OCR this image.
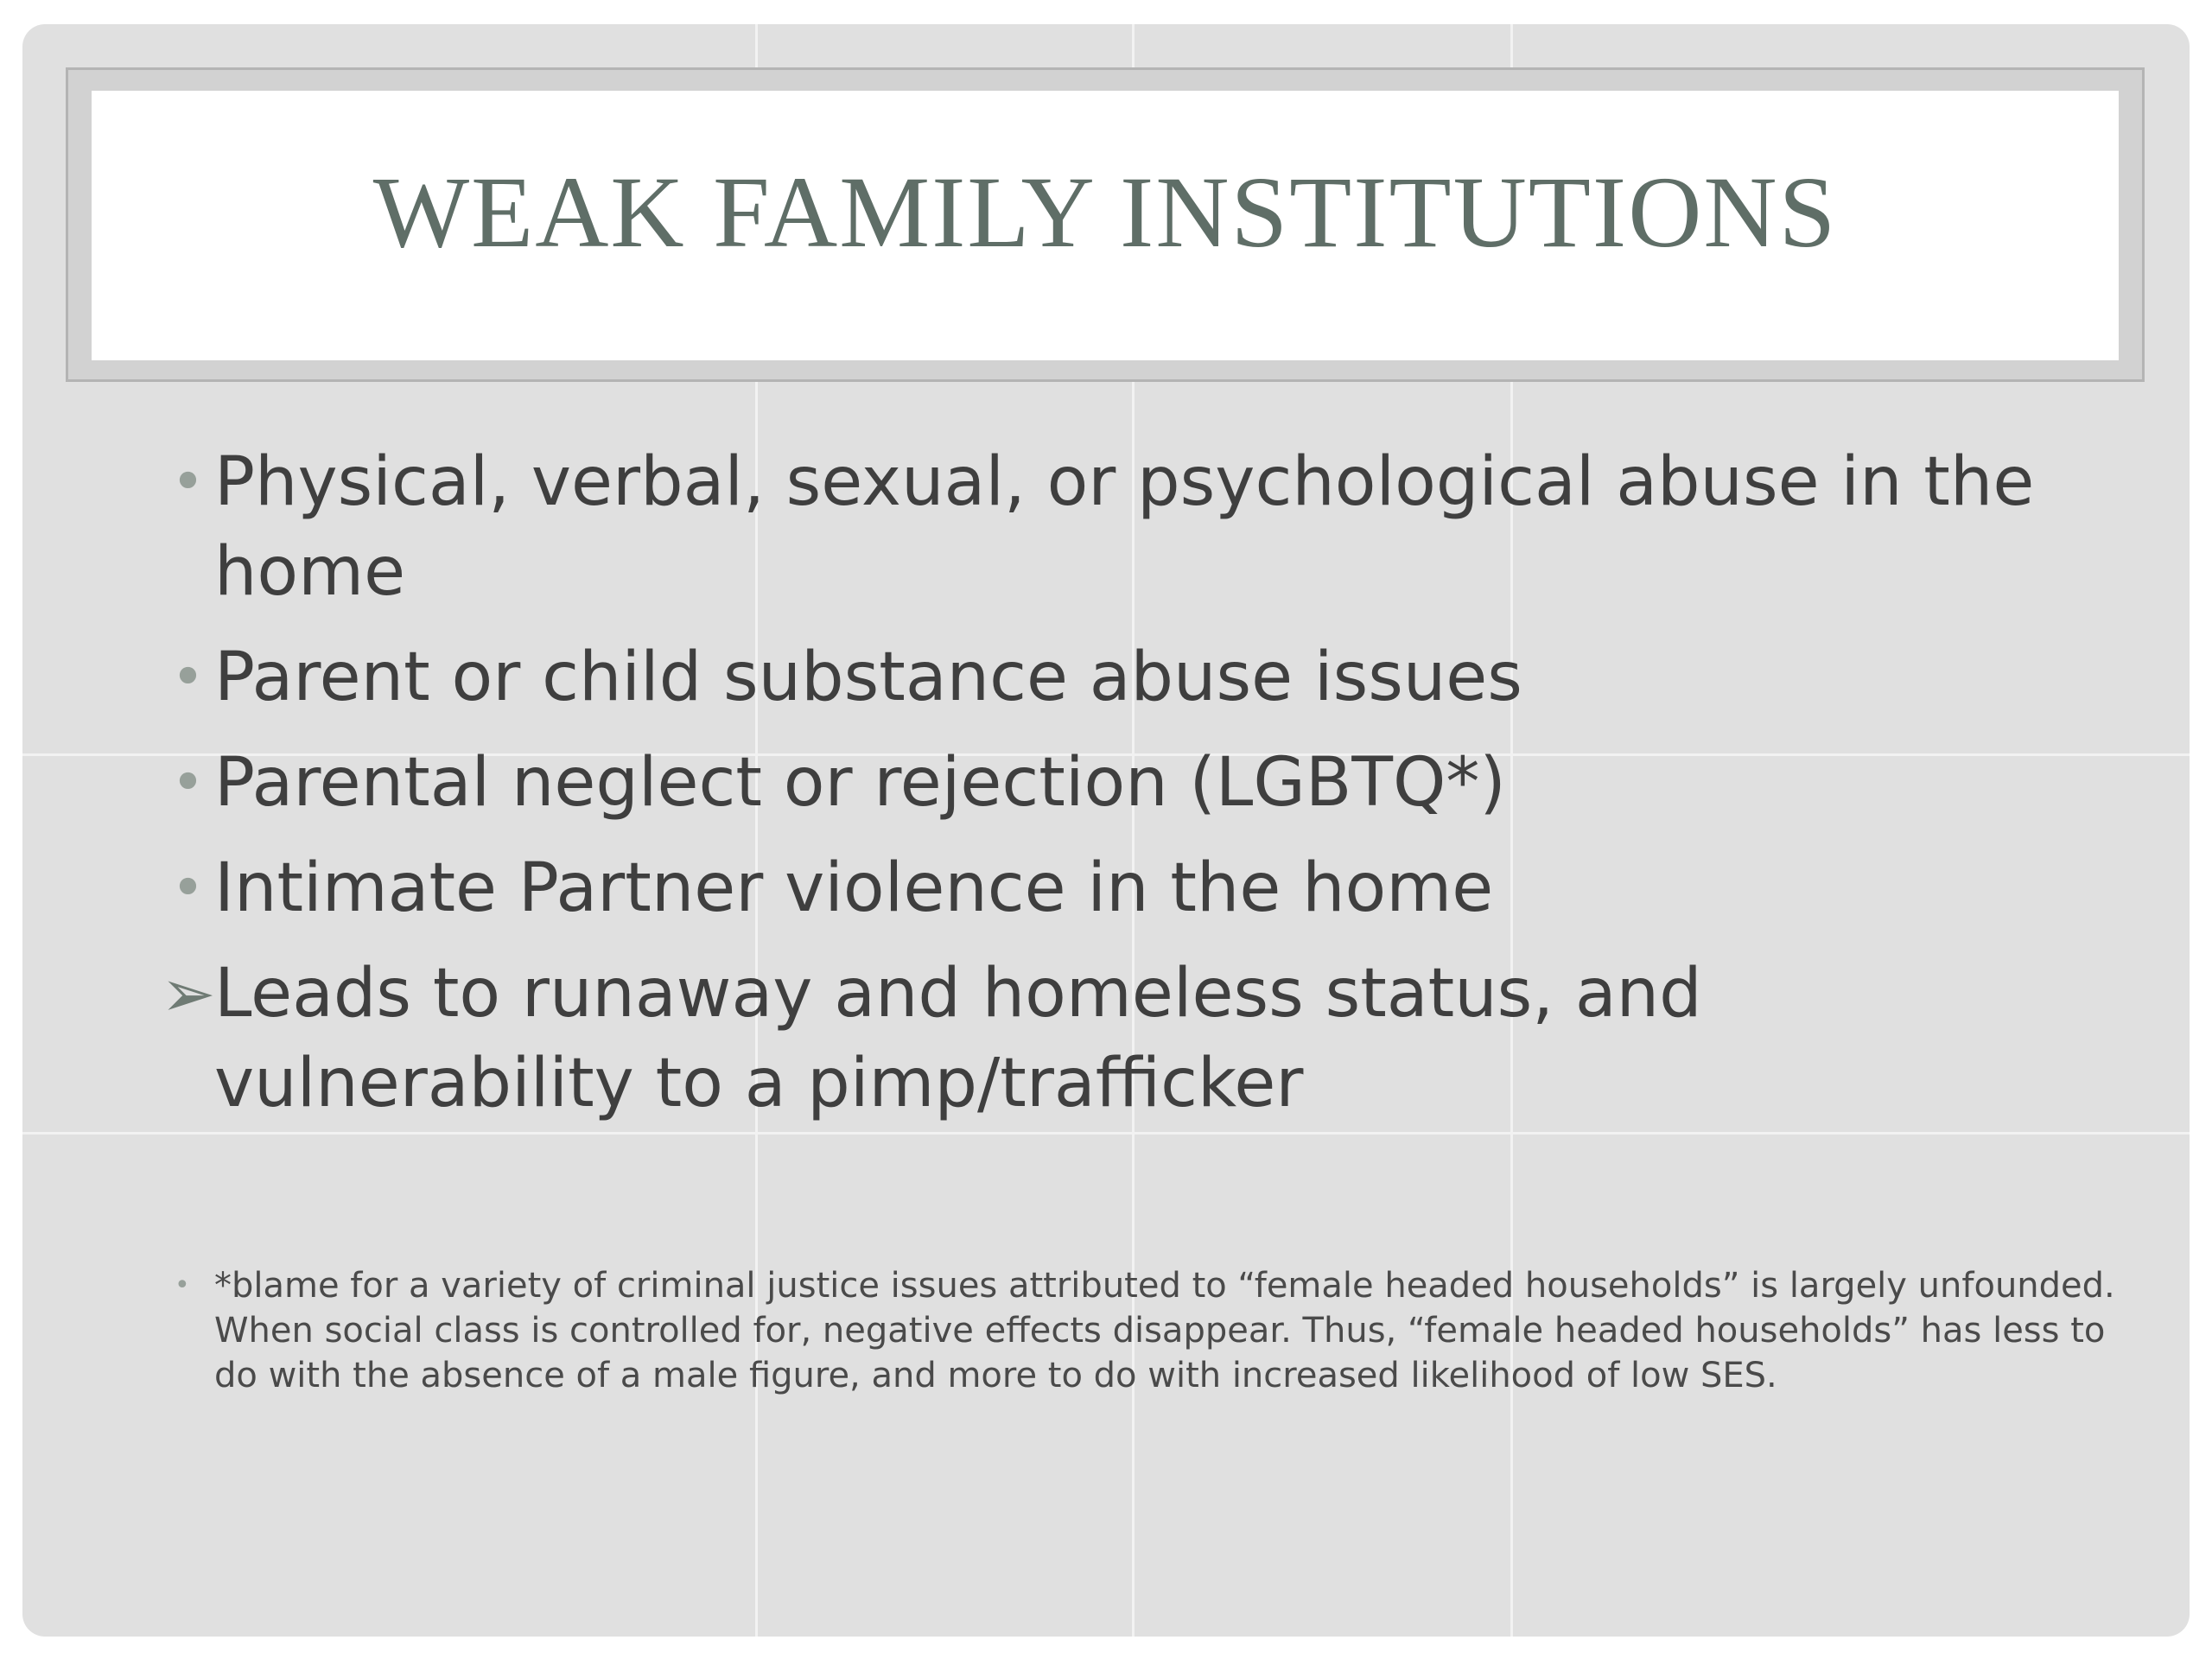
WEAK FAMILY INSTITUTIONS
• Physical, verbal, sexual, or psychological abuse in the home
• Parent or child substance abuse issues
• Parental neglect or rejection (LGBTQ*)
• Intimate Partner violence in the home
➢
Leads to runaway and homeless status, and vulnerability to a pimp/trafficker
• *blame for a variety of criminal justice issues attributed to “female headed households” is largely unfounded. When social class is controlled for, negative effects disappear. Thus, “female headed households” has less to do with the absence of a male figure, and more to do with increased likelihood of low SES.
